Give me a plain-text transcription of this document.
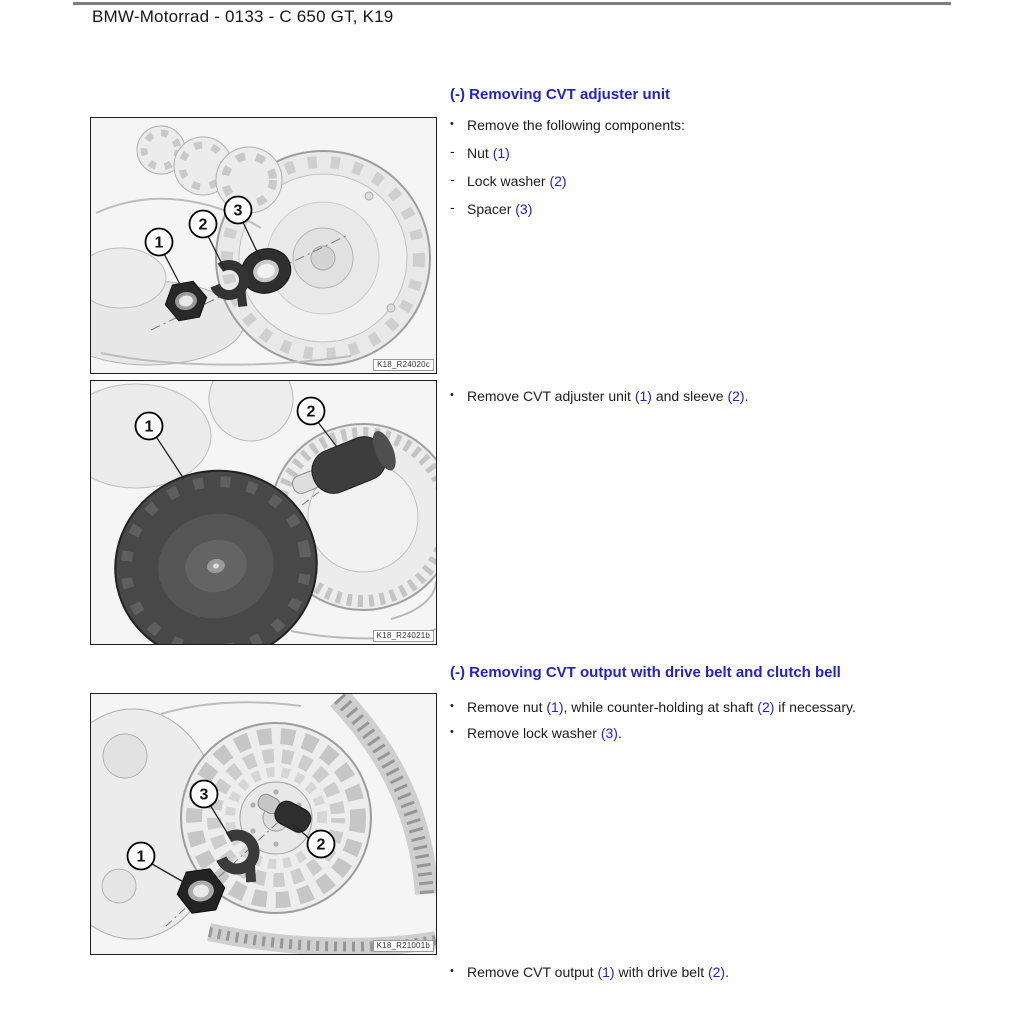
BMW-Motorrad - 0133 - C 650 GT, K19
1
2
3
K18_R24020c
1
2
K18_R24021b
1
2
3
K18_R21001b
(-) Removing CVT adjuster unit
• Remove the following components:
- Nut (1)
- Lock washer (2)
- Spacer (3)
• Remove CVT adjuster unit (1) and sleeve (2).
(-) Removing CVT output with drive belt and clutch bell
• Remove nut (1), while counter-holding at shaft (2) if necessary.
• Remove lock washer (3).
• Remove CVT output (1) with drive belt (2).
